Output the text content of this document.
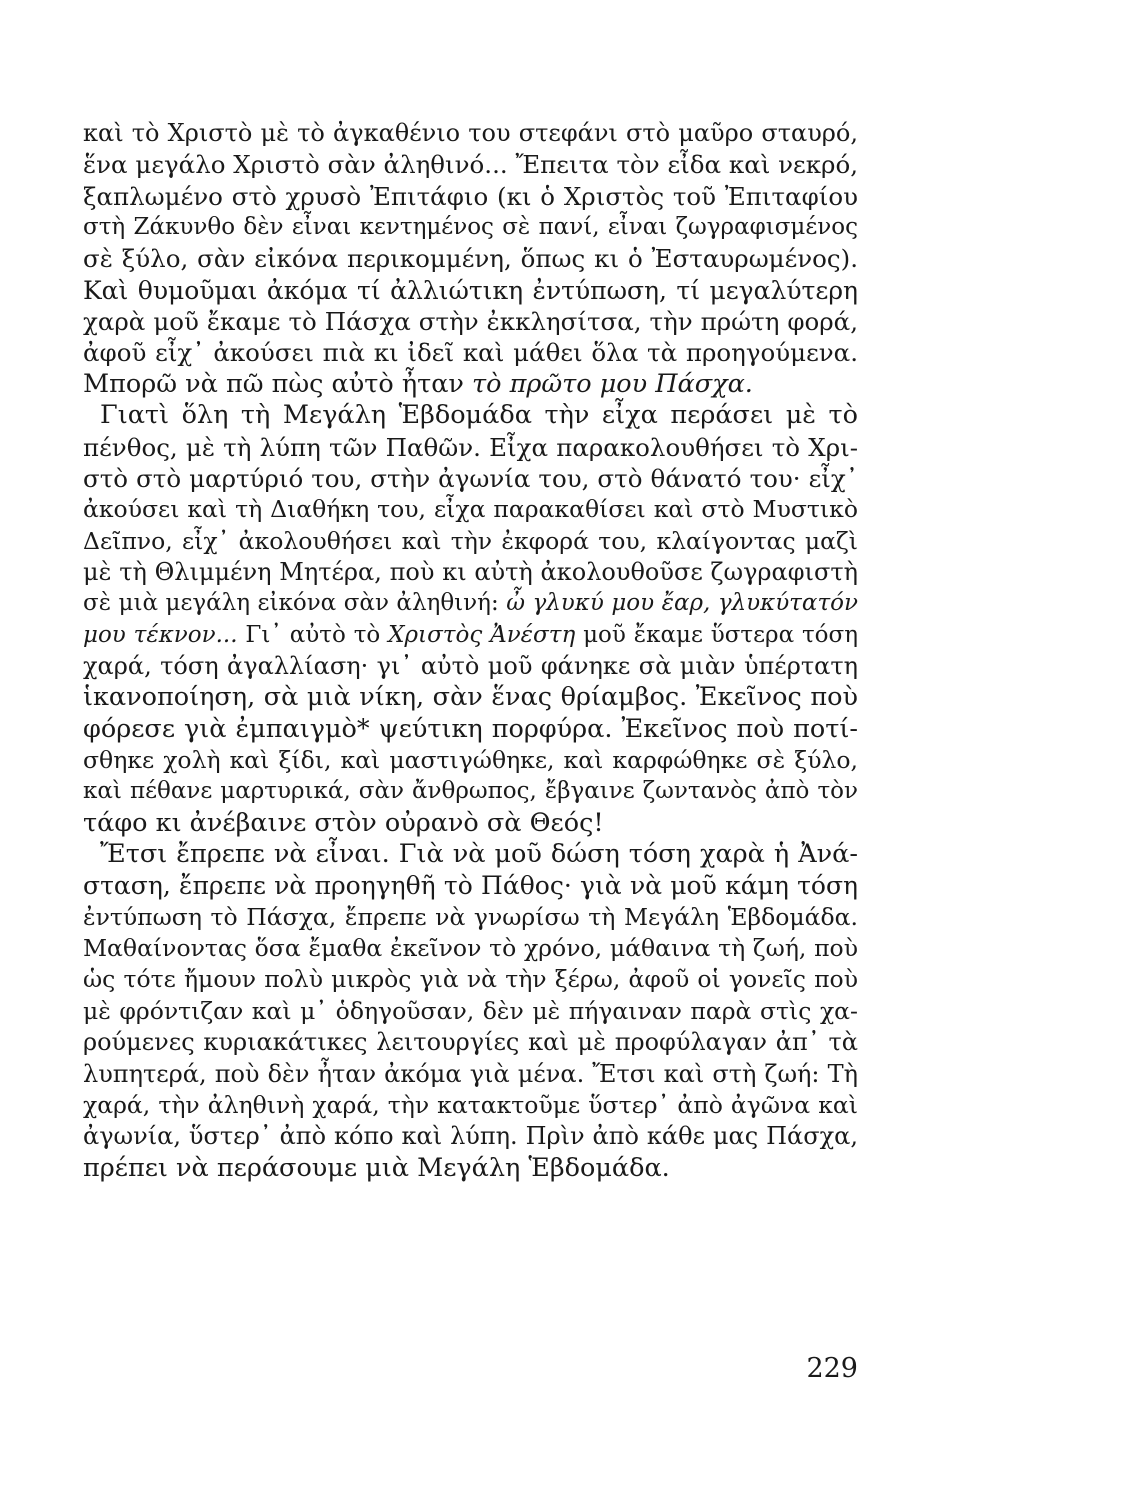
καὶ τὸ Χριστὸ μὲ τὸ ἀγκαθένιο του στεφάνι στὸ μαῦρο σταυρό,
ἕνα μεγάλο Χριστὸ σὰν ἀληθινό... Ἔπειτα τὸν εἶδα καὶ νεκρό,
ξαπλωμένο στὸ χρυσὸ Ἐπιτάφιο (κι ὁ Χριστὸς τοῦ Ἐπιταφίου
στὴ Ζάκυνθο δὲν εἶναι κεντημένος σὲ πανί, εἶναι ζωγραφισμένος
σὲ ξύλο, σὰν εἰκόνα περικομμένη, ὅπως κι ὁ Ἐσταυρωμένος).
Καὶ θυμοῦμαι ἀκόμα τί ἀλλιώτικη ἐντύπωση, τί μεγαλύτερη
χαρὰ μοῦ ἔκαμε τὸ Πάσχα στὴν ἐκκλησίτσα, τὴν πρώτη φορά,
ἀφοῦ εἶχ᾽ ἀκούσει πιὰ κι ἰδεῖ καὶ μάθει ὅλα τὰ προηγούμενα.
Μπορῶ νὰ πῶ πὼς αὐτὸ ἦταν τὸ πρῶτο μου Πάσχα.
Γιατὶ ὅλη τὴ Μεγάλη Ἑβδομάδα τὴν εἶχα περάσει μὲ τὸ
πένθος, μὲ τὴ λύπη τῶν Παθῶν. Εἶχα παρακολουθήσει τὸ Χρι-
στὸ στὸ μαρτύριό του, στὴν ἀγωνία του, στὸ θάνατό του· εἶχ᾽
ἀκούσει καὶ τὴ Διαθήκη του, εἶχα παρακαθίσει καὶ στὸ Μυστικὸ
Δεῖπνο, εἶχ᾽ ἀκολουθήσει καὶ τὴν ἐκφορά του, κλαίγοντας μαζὶ
μὲ τὴ Θλιμμένη Μητέρα, ποὺ κι αὐτὴ ἀκολουθοῦσε ζωγραφιστὴ
σὲ μιὰ μεγάλη εἰκόνα σὰν ἀληθινή: ὦ γλυκύ μου ἔαρ, γλυκύτατόν
μου τέκνον... Γι᾽ αὐτὸ τὸ Χριστὸς Ἀνέστη μοῦ ἔκαμε ὕστερα τόση
χαρά, τόση ἀγαλλίαση· γι᾽ αὐτὸ μοῦ φάνηκε σὰ μιὰν ὑπέρτατη
ἱκανοποίηση, σὰ μιὰ νίκη, σὰν ἕνας θρίαμβος. Ἐκεῖνος ποὺ
φόρεσε γιὰ ἐμπαιγμὸ* ψεύτικη πορφύρα. Ἐκεῖνος ποὺ ποτί-
σθηκε χολὴ καὶ ξίδι, καὶ μαστιγώθηκε, καὶ καρφώθηκε σὲ ξύλο,
καὶ πέθανε μαρτυρικά, σὰν ἄνθρωπος, ἔβγαινε ζωντανὸς ἀπὸ τὸν
τάφο κι ἀνέβαινε στὸν οὐρανὸ σὰ Θεός!
Ἔτσι ἔπρεπε νὰ εἶναι. Γιὰ νὰ μοῦ δώση τόση χαρὰ ἡ Ἀνά-
σταση, ἔπρεπε νὰ προηγηθῆ τὸ Πάθος· γιὰ νὰ μοῦ κάμη τόση
ἐντύπωση τὸ Πάσχα, ἔπρεπε νὰ γνωρίσω τὴ Μεγάλη Ἑβδομάδα.
Μαθαίνοντας ὅσα ἔμαθα ἐκεῖνον τὸ χρόνο, μάθαινα τὴ ζωή, ποὺ
ὡς τότε ἤμουν πολὺ μικρὸς γιὰ νὰ τὴν ξέρω, ἀφοῦ οἱ γονεῖς ποὺ
μὲ φρόντιζαν καὶ μ᾽ ὁδηγοῦσαν, δὲν μὲ πήγαιναν παρὰ στὶς χα-
ρούμενες κυριακάτικες λειτουργίες καὶ μὲ προφύλαγαν ἀπ᾽ τὰ
λυπητερά, ποὺ δὲν ἦταν ἀκόμα γιὰ μένα. Ἔτσι καὶ στὴ ζωή: Τὴ
χαρά, τὴν ἀληθινὴ χαρά, τὴν κατακτοῦμε ὕστερ᾽ ἀπὸ ἀγῶνα καὶ
ἀγωνία, ὕστερ᾽ ἀπὸ κόπο καὶ λύπη. Πρὶν ἀπὸ κάθε μας Πάσχα,
πρέπει νὰ περάσουμε μιὰ Μεγάλη Ἑβδομάδα.
229
